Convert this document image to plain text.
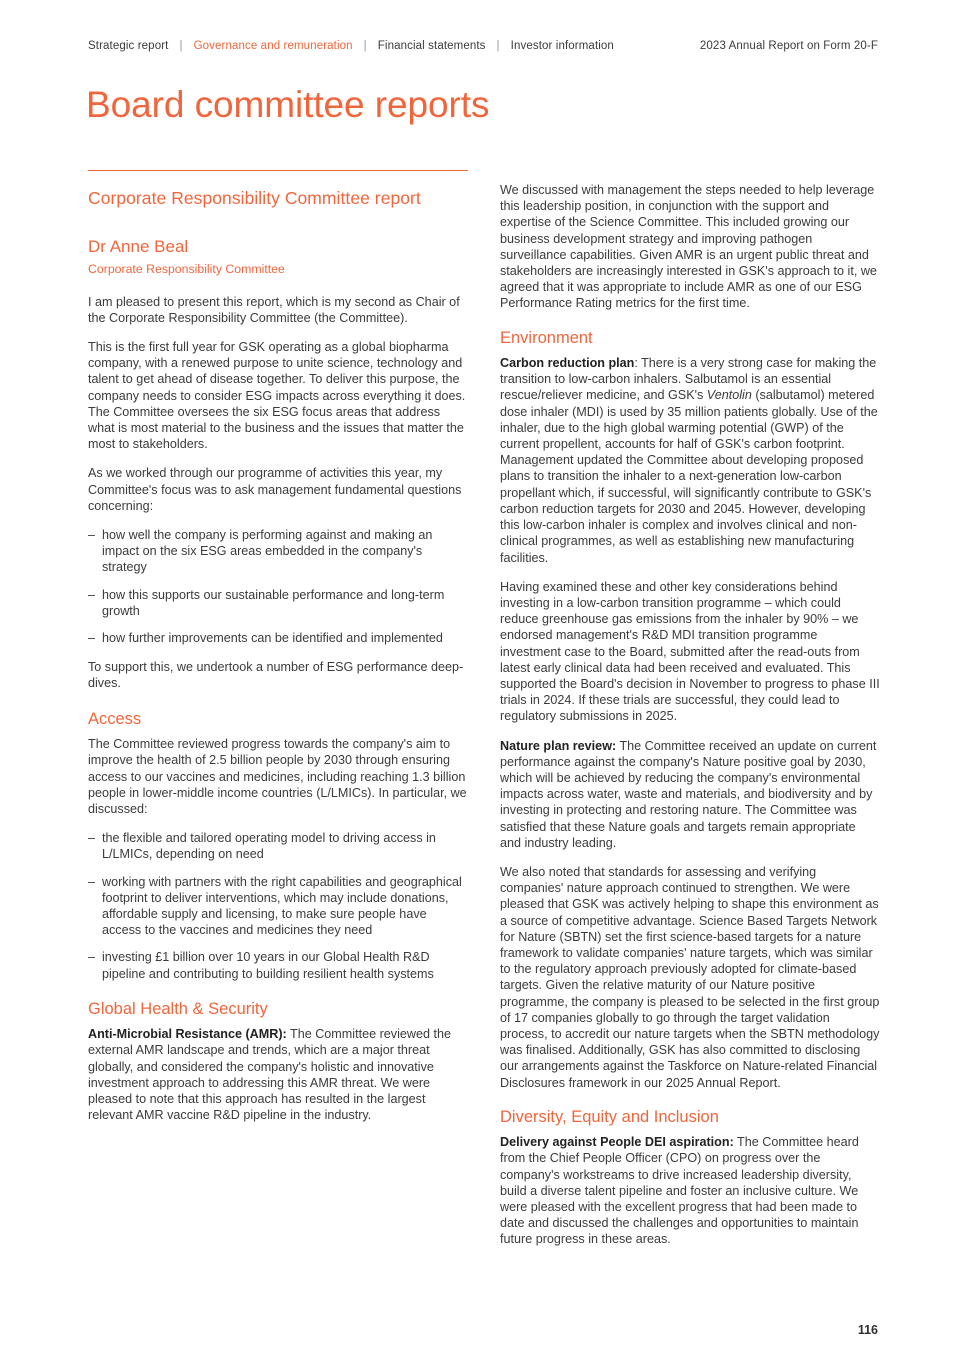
Strategic report | Governance and remuneration | Financial statements | Investor information	2023 Annual Report on Form 20-F
Board committee reports
Corporate Responsibility Committee report
Dr Anne Beal
Corporate Responsibility Committee

I am pleased to present this report, which is my second as Chair of the Corporate Responsibility Committee (the Committee).

This is the first full year for GSK operating as a global biopharma company, with a renewed purpose to unite science, technology and talent to get ahead of disease together. To deliver this purpose, the company needs to consider ESG impacts across everything it does. The Committee oversees the six ESG focus areas that address what is most material to the business and the issues that matter the most to stakeholders.

As we worked through our programme of activities this year, my Committee's focus was to ask management fundamental questions concerning:

– how well the company is performing against and making an impact on the six ESG areas embedded in the company's strategy
– how this supports our sustainable performance and long-term growth
– how further improvements can be identified and implemented

To support this, we undertook a number of ESG performance deep-dives.

Access

The Committee reviewed progress towards the company's aim to improve the health of 2.5 billion people by 2030 through ensuring access to our vaccines and medicines, including reaching 1.3 billion people in lower-middle income countries (L/LMICs). In particular, we discussed:

– the flexible and tailored operating model to driving access in L/LMICs, depending on need
– working with partners with the right capabilities and geographical footprint to deliver interventions, which may include donations, affordable supply and licensing, to make sure people have access to the vaccines and medicines they need
– investing £1 billion over 10 years in our Global Health R&D pipeline and contributing to building resilient health systems
Global Health & Security

Anti-Microbial Resistance (AMR): The Committee reviewed the external AMR landscape and trends, which are a major threat globally, and considered the company's holistic and innovative investment approach to addressing this AMR threat. We were pleased to note that this approach has resulted in the largest relevant AMR vaccine R&D pipeline in the industry.

We discussed with management the steps needed to help leverage this leadership position, in conjunction with the support and expertise of the Science Committee. This included growing our business development strategy and improving pathogen surveillance capabilities. Given AMR is an urgent public threat and stakeholders are increasingly interested in GSK's approach to it, we agreed that it was appropriate to include AMR as one of our ESG Performance Rating metrics for the first time.

Environment

Carbon reduction plan: There is a very strong case for making the transition to low-carbon inhalers. Salbutamol is an essential rescue/reliever medicine, and GSK's Ventolin (salbutamol) metered dose inhaler (MDI) is used by 35 million patients globally. Use of the inhaler, due to the high global warming potential (GWP) of the current propellent, accounts for half of GSK's carbon footprint. Management updated the Committee about developing proposed plans to transition the inhaler to a next-generation low-carbon propellant which, if successful, will significantly contribute to GSK's carbon reduction targets for 2030 and 2045. However, developing this low-carbon inhaler is complex and involves clinical and non-clinical programmes, as well as establishing new manufacturing facilities.

Having examined these and other key considerations behind investing in a low-carbon transition programme – which could reduce greenhouse gas emissions from the inhaler by 90% – we endorsed management's R&D MDI transition programme investment case to the Board, submitted after the read-outs from latest early clinical data had been received and evaluated. This supported the Board's decision in November to progress to phase III trials in 2024. If these trials are successful, they could lead to regulatory submissions in 2025.

Nature plan review: The Committee received an update on current performance against the company's Nature positive goal by 2030, which will be achieved by reducing the company's environmental impacts across water, waste and materials, and biodiversity and by investing in protecting and restoring nature. The Committee was satisfied that these Nature goals and targets remain appropriate and industry leading.

We also noted that standards for assessing and verifying companies' nature approach continued to strengthen. We were pleased that GSK was actively helping to shape this environment as a source of competitive advantage. Science Based Targets Network for Nature (SBTN) set the first science-based targets for a nature framework to validate companies' nature targets, which was similar to the regulatory approach previously adopted for climate-based targets. Given the relative maturity of our Nature positive programme, the company is pleased to be selected in the first group of 17 companies globally to go through the target validation process, to accredit our nature targets when the SBTN methodology was finalised. Additionally, GSK has also committed to disclosing our arrangements against the Taskforce on Nature-related Financial Disclosures framework in our 2025 Annual Report.

Diversity, Equity and Inclusion

Delivery against People DEI aspiration: The Committee heard from the Chief People Officer (CPO) on progress over the company's workstreams to drive increased leadership diversity, build a diverse talent pipeline and foster an inclusive culture. We were pleased with the excellent progress that had been made to date and discussed the challenges and opportunities to maintain future progress in these areas.

116
